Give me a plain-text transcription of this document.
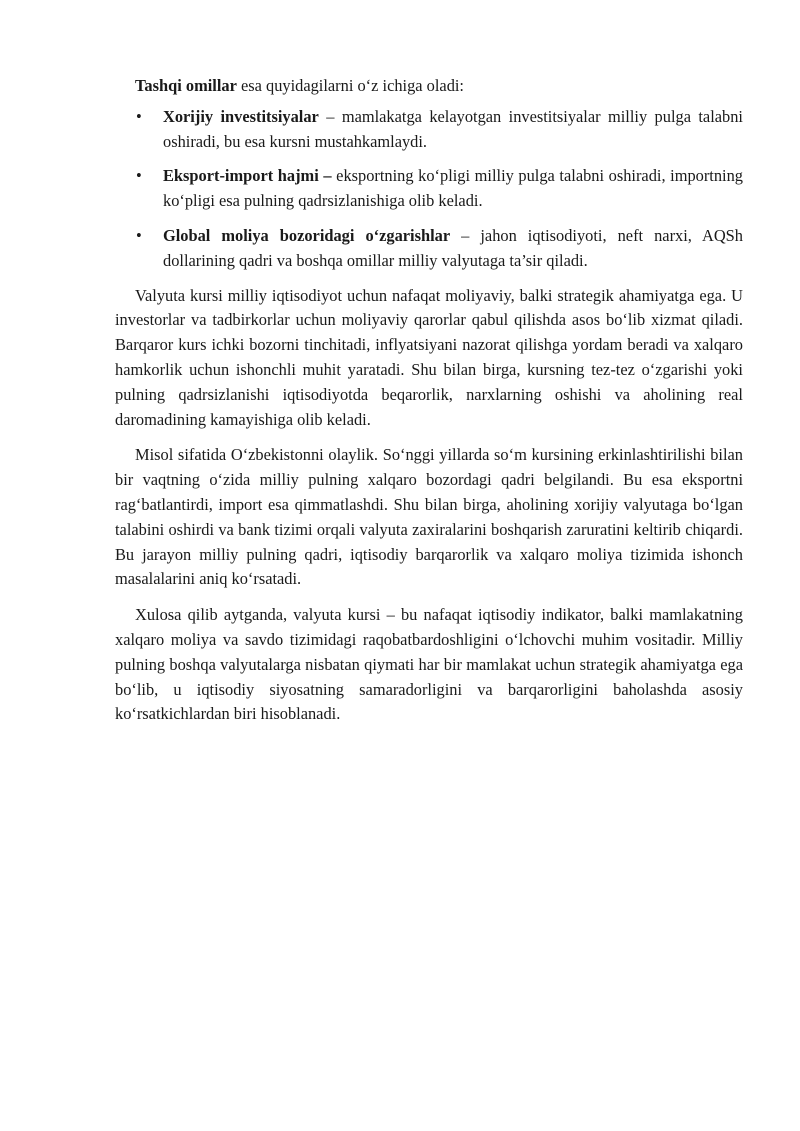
Tashqi omillar esa quyidagilarni o‘z ichiga oladi:

• Xorijiy investitsiyalar – mamlakatga kelayotgan investitsiyalar milliy pulga talabni oshiradi, bu esa kursni mustahkamlaydi.
• Eksport-import hajmi – eksportning ko‘pligi milliy pulga talabni oshiradi, importning ko‘pligi esa pulning qadrsizlanishiga olib keladi.
• Global moliya bozoridagi o‘zgarishlar – jahon iqtisodiyoti, neft narxi, AQSh dollarining qadri va boshqa omillar milliy valyutaga ta’sir qiladi.

Valyuta kursi milliy iqtisodiyot uchun nafaqat moliyaviy, balki strategik ahamiyatga ega. U investorlar va tadbirkorlar uchun moliyaviy qarorlar qabul qilishda asos bo‘lib xizmat qiladi. Barqaror kurs ichki bozorni tinchitadi, inflyatsiyani nazorat qilishga yordam beradi va xalqaro hamkorlik uchun ishonchli muhit yaratadi. Shu bilan birga, kursning tez-tez o‘zgarishi yoki pulning qadrsizlanishi iqtisodiyotda beqarorlik, narxlarning oshishi va aholining real daromadining kamayishiga olib keladi.

Misol sifatida O‘zbekistonni olaylik. So‘nggi yillarda so‘m kursining erkinlashtirilishi bilan bir vaqtning o‘zida milliy pulning xalqaro bozordagi qadri belgilandi. Bu esa eksportni rag‘batlantirdi, import esa qimmatlashdi. Shu bilan birga, aholining xorijiy valyutaga bo‘lgan talabini oshirdi va bank tizimi orqali valyuta zaxiralarini boshqarish zaruratini keltirib chiqardi. Bu jarayon milliy pulning qadri, iqtisodiy barqarorlik va xalqaro moliya tizimida ishonch masalalarini aniq ko‘rsatadi.

Xulosa qilib aytganda, valyuta kursi – bu nafaqat iqtisodiy indikator, balki mamlakatning xalqaro moliya va savdo tizimidagi raqobatbardoshligini o‘lchovchi muhim vositadir. Milliy pulning boshqa valyutalarga nisbatan qiymati har bir mamlakat uchun strategik ahamiyatga ega bo‘lib, u iqtisodiy siyosatning samaradorligini va barqarorligini baholashda asosiy ko‘rsatkichlardan biri hisoblanadi.
